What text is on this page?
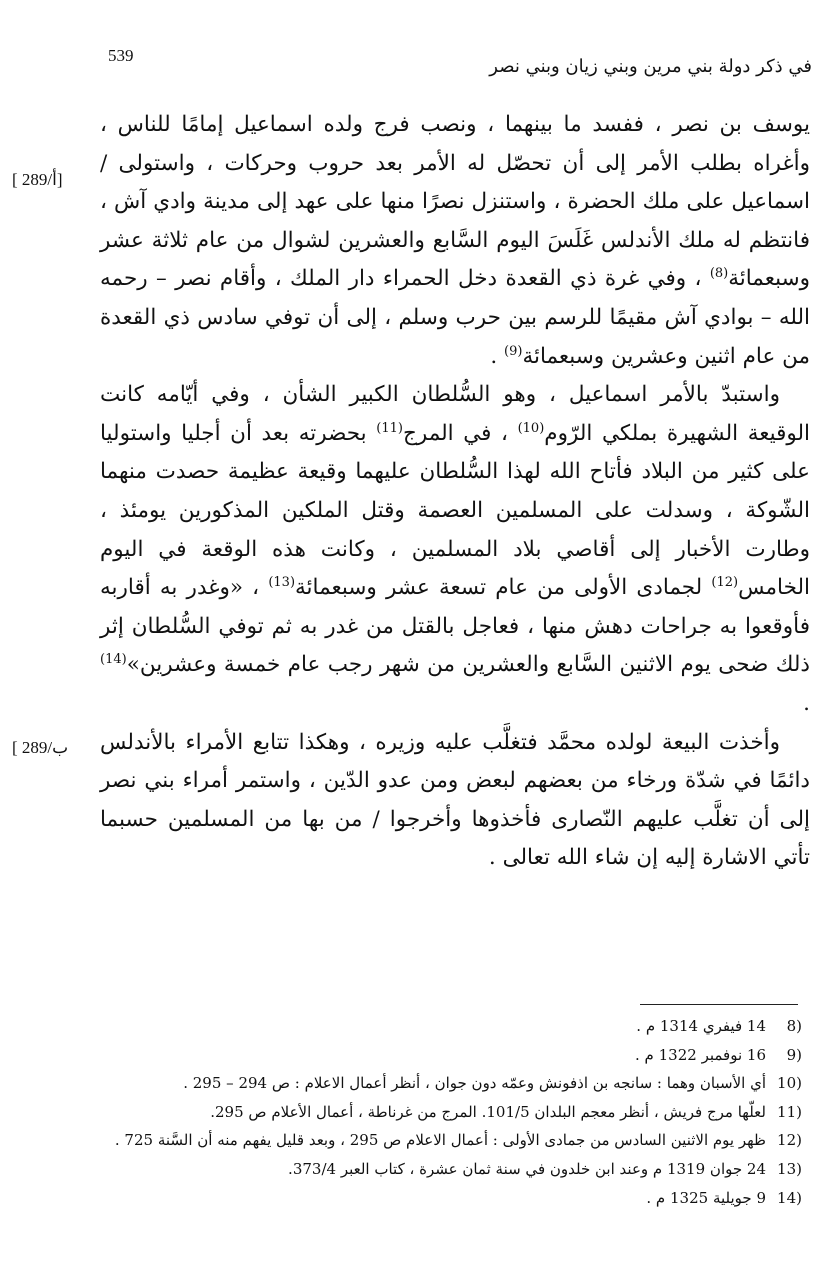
539
في ذكر دولة بني مرين وبني زيان وبني نصر
[ 289/أ]
[ 289/ب

يوسف بن نصر ، ففسد ما بينهما ، ونصب فرج ولده اسماعيل إمامًا للناس ، وأغراه بطلب الأمر إلى أن تحصّل له الأمر بعد حروب وحركات ، واستولى / اسماعيل على ملك الحضرة ، واستنزل نصرًا منها على عهد إلى مدينة وادي آش ، فانتظم له ملك الأندلس غَلَسَ اليوم السَّابع والعشرين لشوال من عام ثلاثة عشر وسبعمائة$^{(8)}$ ، وفي غرة ذي القعدة دخل الحمراء دار الملك ، وأقام نصر – رحمه الله – بوادي آش مقيمًا للرسم بين حرب وسلم ، إلى أن توفي سادس ذي القعدة من عام اثنين وعشرين وسبعمائة$^{(9)}$ .

واستبدّ بالأمر اسماعيل ، وهو السُّلطان الكبير الشأن ، وفي أيّامه كانت الوقيعة الشهيرة بملكي الرّوم$^{(10)}$ ، في المرج$^{(11)}$ بحضرته بعد أن أجليا واستوليا على كثير من البلاد فأتاح الله لهذا السُّلطان عليهما وقيعة عظيمة حصدت منهما الشّوكة ، وسدلت على المسلمين العصمة وقتل الملكين المذكورين يومئذ ، وطارت الأخبار إلى أقاصي بلاد المسلمين ، وكانت هذه الوقعة في اليوم الخامس$^{(12)}$ لجمادى الأولى من عام تسعة عشر وسبعمائة$^{(13)}$ ، «وغدر به أقاربه فأوقعوا به جراحات دهش منها ، فعاجل بالقتل من غدر به ثم توفي السُّلطان إثر ذلك ضحى يوم الاثنين السَّابع والعشرين من شهر رجب عام خمسة وعشرين»$^{(14)}$ .

وأخذت البيعة لولده محمَّد فتغلَّب عليه وزيره ، وهكذا تتابع الأمراء بالأندلس دائمًا في شدّة ورخاء من بعضهم لبعض ومن عدو الدّين ، واستمر أمراء بني نصر إلى أن تغلَّب عليهم النّصارى فأخذوها وأخرجوا / من بها من المسلمين حسبما تأتي الاشارة إليه إن شاء الله تعالى .

8)
14 فيفري 1314 م .
9)
16 نوفمبر 1322 م .
10)
أي الأسبان وهما : سانجه بن اذفونش وعمّه دون جوان ، أنظر أعمال الاعلام : ص 294 – 295 .
11)
لعلّها مرج فريش ، أنظر معجم البلدان 101/5. المرج من غرناطة ، أعمال الأعلام ص 295.
12)
ظهر يوم الاثنين السادس من جمادى الأولى : أعمال الاعلام ص 295 ، وبعد قليل يفهم منه أن السَّنة 725 .
13)
24 جوان 1319 م وعند ابن خلدون في سنة ثمان عشرة ، كتاب العبر 373/4.
14)
9 جويلية 1325 م .
